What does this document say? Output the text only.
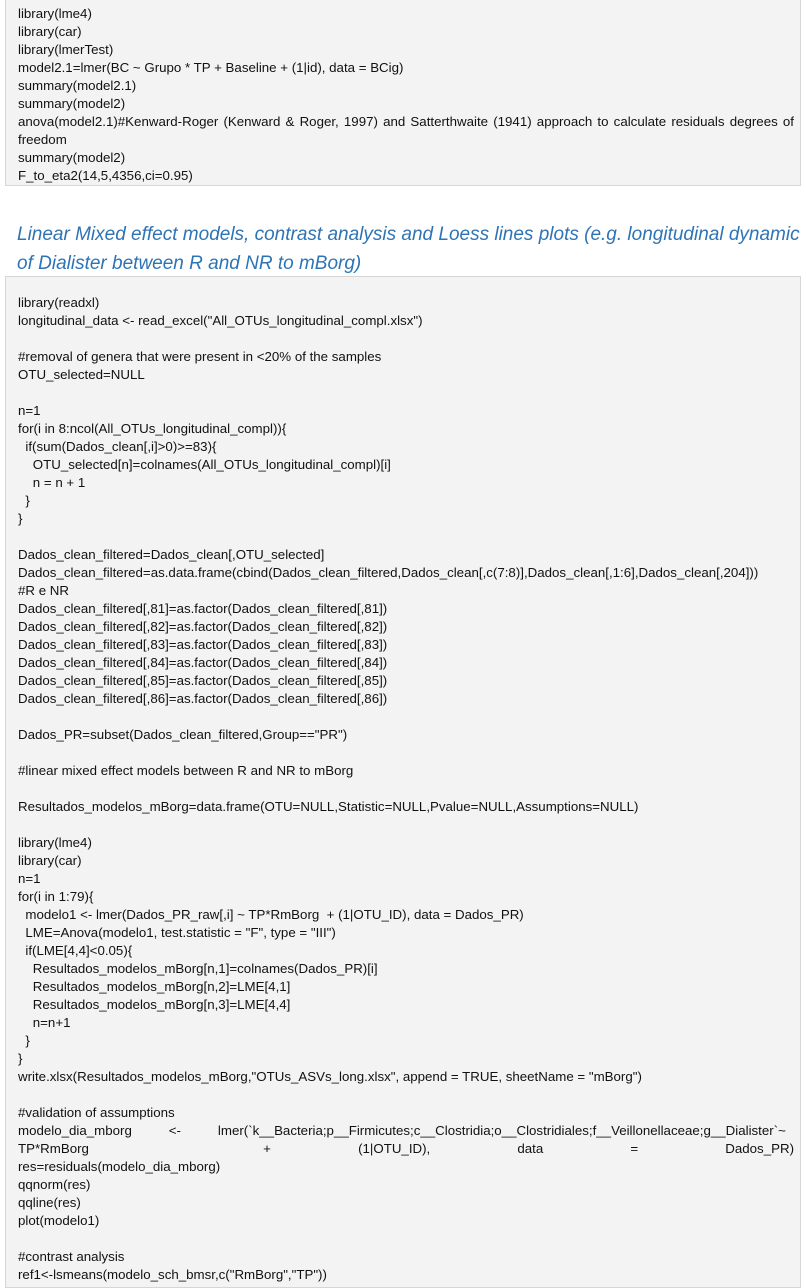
library(lme4)
library(car)
library(lmerTest)
model2.1=lmer(BC ~ Grupo * TP + Baseline + (1|id), data = BCig)
summary(model2.1)
summary(model2)
anova(model2.1)#Kenward-Roger (Kenward & Roger, 1997) and Satterthwaite (1941) approach to calculate residuals degrees of
freedom
summary(model2)
F_to_eta2(14,5,4356,ci=0.95)
Linear Mixed effect models, contrast analysis and Loess lines plots (e.g. longitudinal dynamic of Dialister between R and NR to mBorg)
library(readxl)
longitudinal_data <- read_excel("All_OTUs_longitudinal_compl.xlsx")
#removal of genera that were present in <20% of the samples
OTU_selected=NULL
n=1
for(i in 8:ncol(All_OTUs_longitudinal_compl)){
if(sum(Dados_clean[,i]>0)>=83){
OTU_selected[n]=colnames(All_OTUs_longitudinal_compl)[i]
n = n + 1
}
}
Dados_clean_filtered=Dados_clean[,OTU_selected]
Dados_clean_filtered=as.data.frame(cbind(Dados_clean_filtered,Dados_clean[,c(7:8)],Dados_clean[,1:6],Dados_clean[,204]))
#R e NR
Dados_clean_filtered[,81]=as.factor(Dados_clean_filtered[,81])
Dados_clean_filtered[,82]=as.factor(Dados_clean_filtered[,82])
Dados_clean_filtered[,83]=as.factor(Dados_clean_filtered[,83])
Dados_clean_filtered[,84]=as.factor(Dados_clean_filtered[,84])
Dados_clean_filtered[,85]=as.factor(Dados_clean_filtered[,85])
Dados_clean_filtered[,86]=as.factor(Dados_clean_filtered[,86])
Dados_PR=subset(Dados_clean_filtered,Group=="PR")
#linear mixed effect models between R and NR to mBorg
Resultados_modelos_mBorg=data.frame(OTU=NULL,Statistic=NULL,Pvalue=NULL,Assumptions=NULL)
library(lme4)
library(car)
n=1
for(i in 1:79){
modelo1 <- lmer(Dados_PR_raw[,i] ~ TP*RmBorg  + (1|OTU_ID), data = Dados_PR)
LME=Anova(modelo1, test.statistic = "F", type = "III")
if(LME[4,4]<0.05){
Resultados_modelos_mBorg[n,1]=colnames(Dados_PR)[i]
Resultados_modelos_mBorg[n,2]=LME[4,1]
Resultados_modelos_mBorg[n,3]=LME[4,4]
n=n+1
}
}
write.xlsx(Resultados_modelos_mBorg,"OTUs_ASVs_long.xlsx", append = TRUE, sheetName = "mBorg")
#validation of assumptions
modelo_dia_mborg          <-          lmer(`k__Bacteria;p__Firmicutes;c__Clostridia;o__Clostridiales;f__Veillonellaceae;g__Dialister`~
TP*RmBorg  + (1|OTU_ID), data = Dados_PR)
res=residuals(modelo_dia_mborg)
qqnorm(res)
qqline(res)
plot(modelo1)
#contrast analysis
ref1<-lsmeans(modelo_sch_bmsr,c("RmBorg","TP"))
